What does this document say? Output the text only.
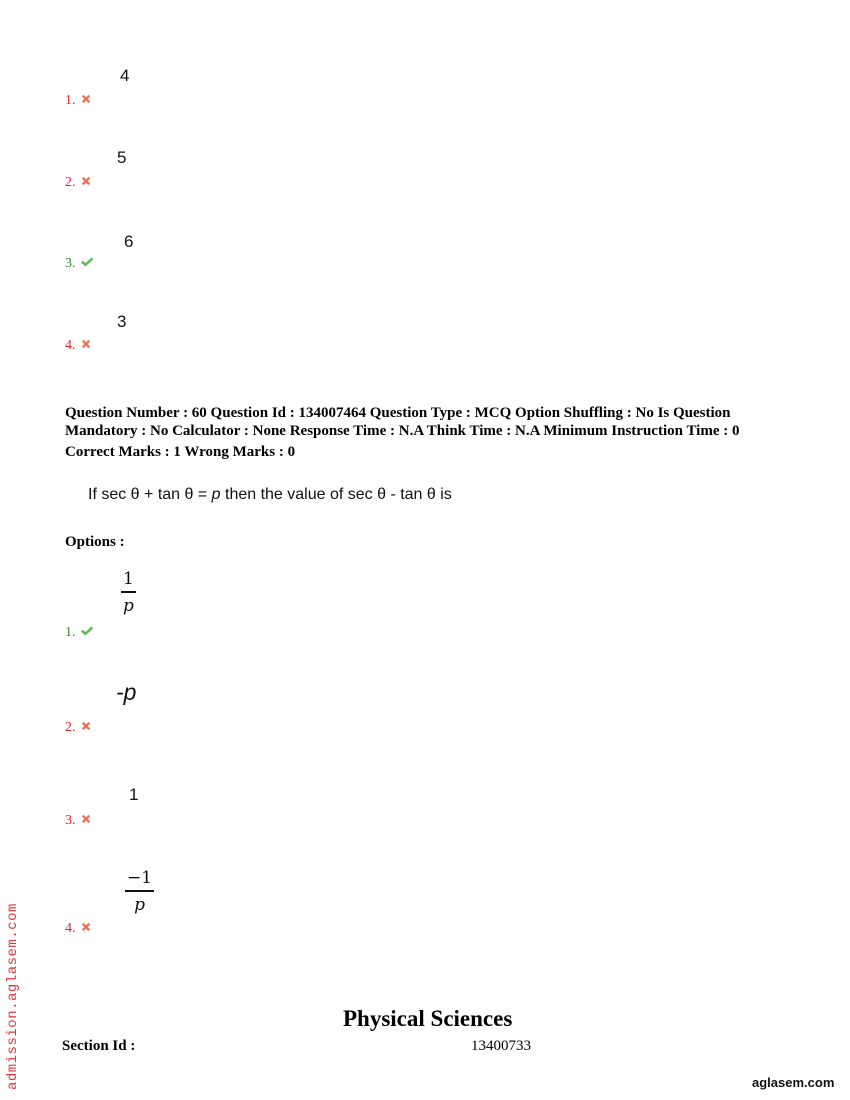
4
1.
5
2.
6
3.
3
4.
Question Number : 60 Question Id : 134007464 Question Type : MCQ Option Shuffling : No Is Question
Mandatory : No Calculator : None Response Time : N.A Think Time : N.A Minimum Instruction Time : 0
Correct Marks : 1 Wrong Marks : 0
If sec θ + tan θ = p then the value of sec θ - tan θ is
Options :
1
p
1.
-p
2.
1
3.
−1
p
4.
Physical Sciences
Section Id :	13400733
admission.aglasem.com	aglasem.com
